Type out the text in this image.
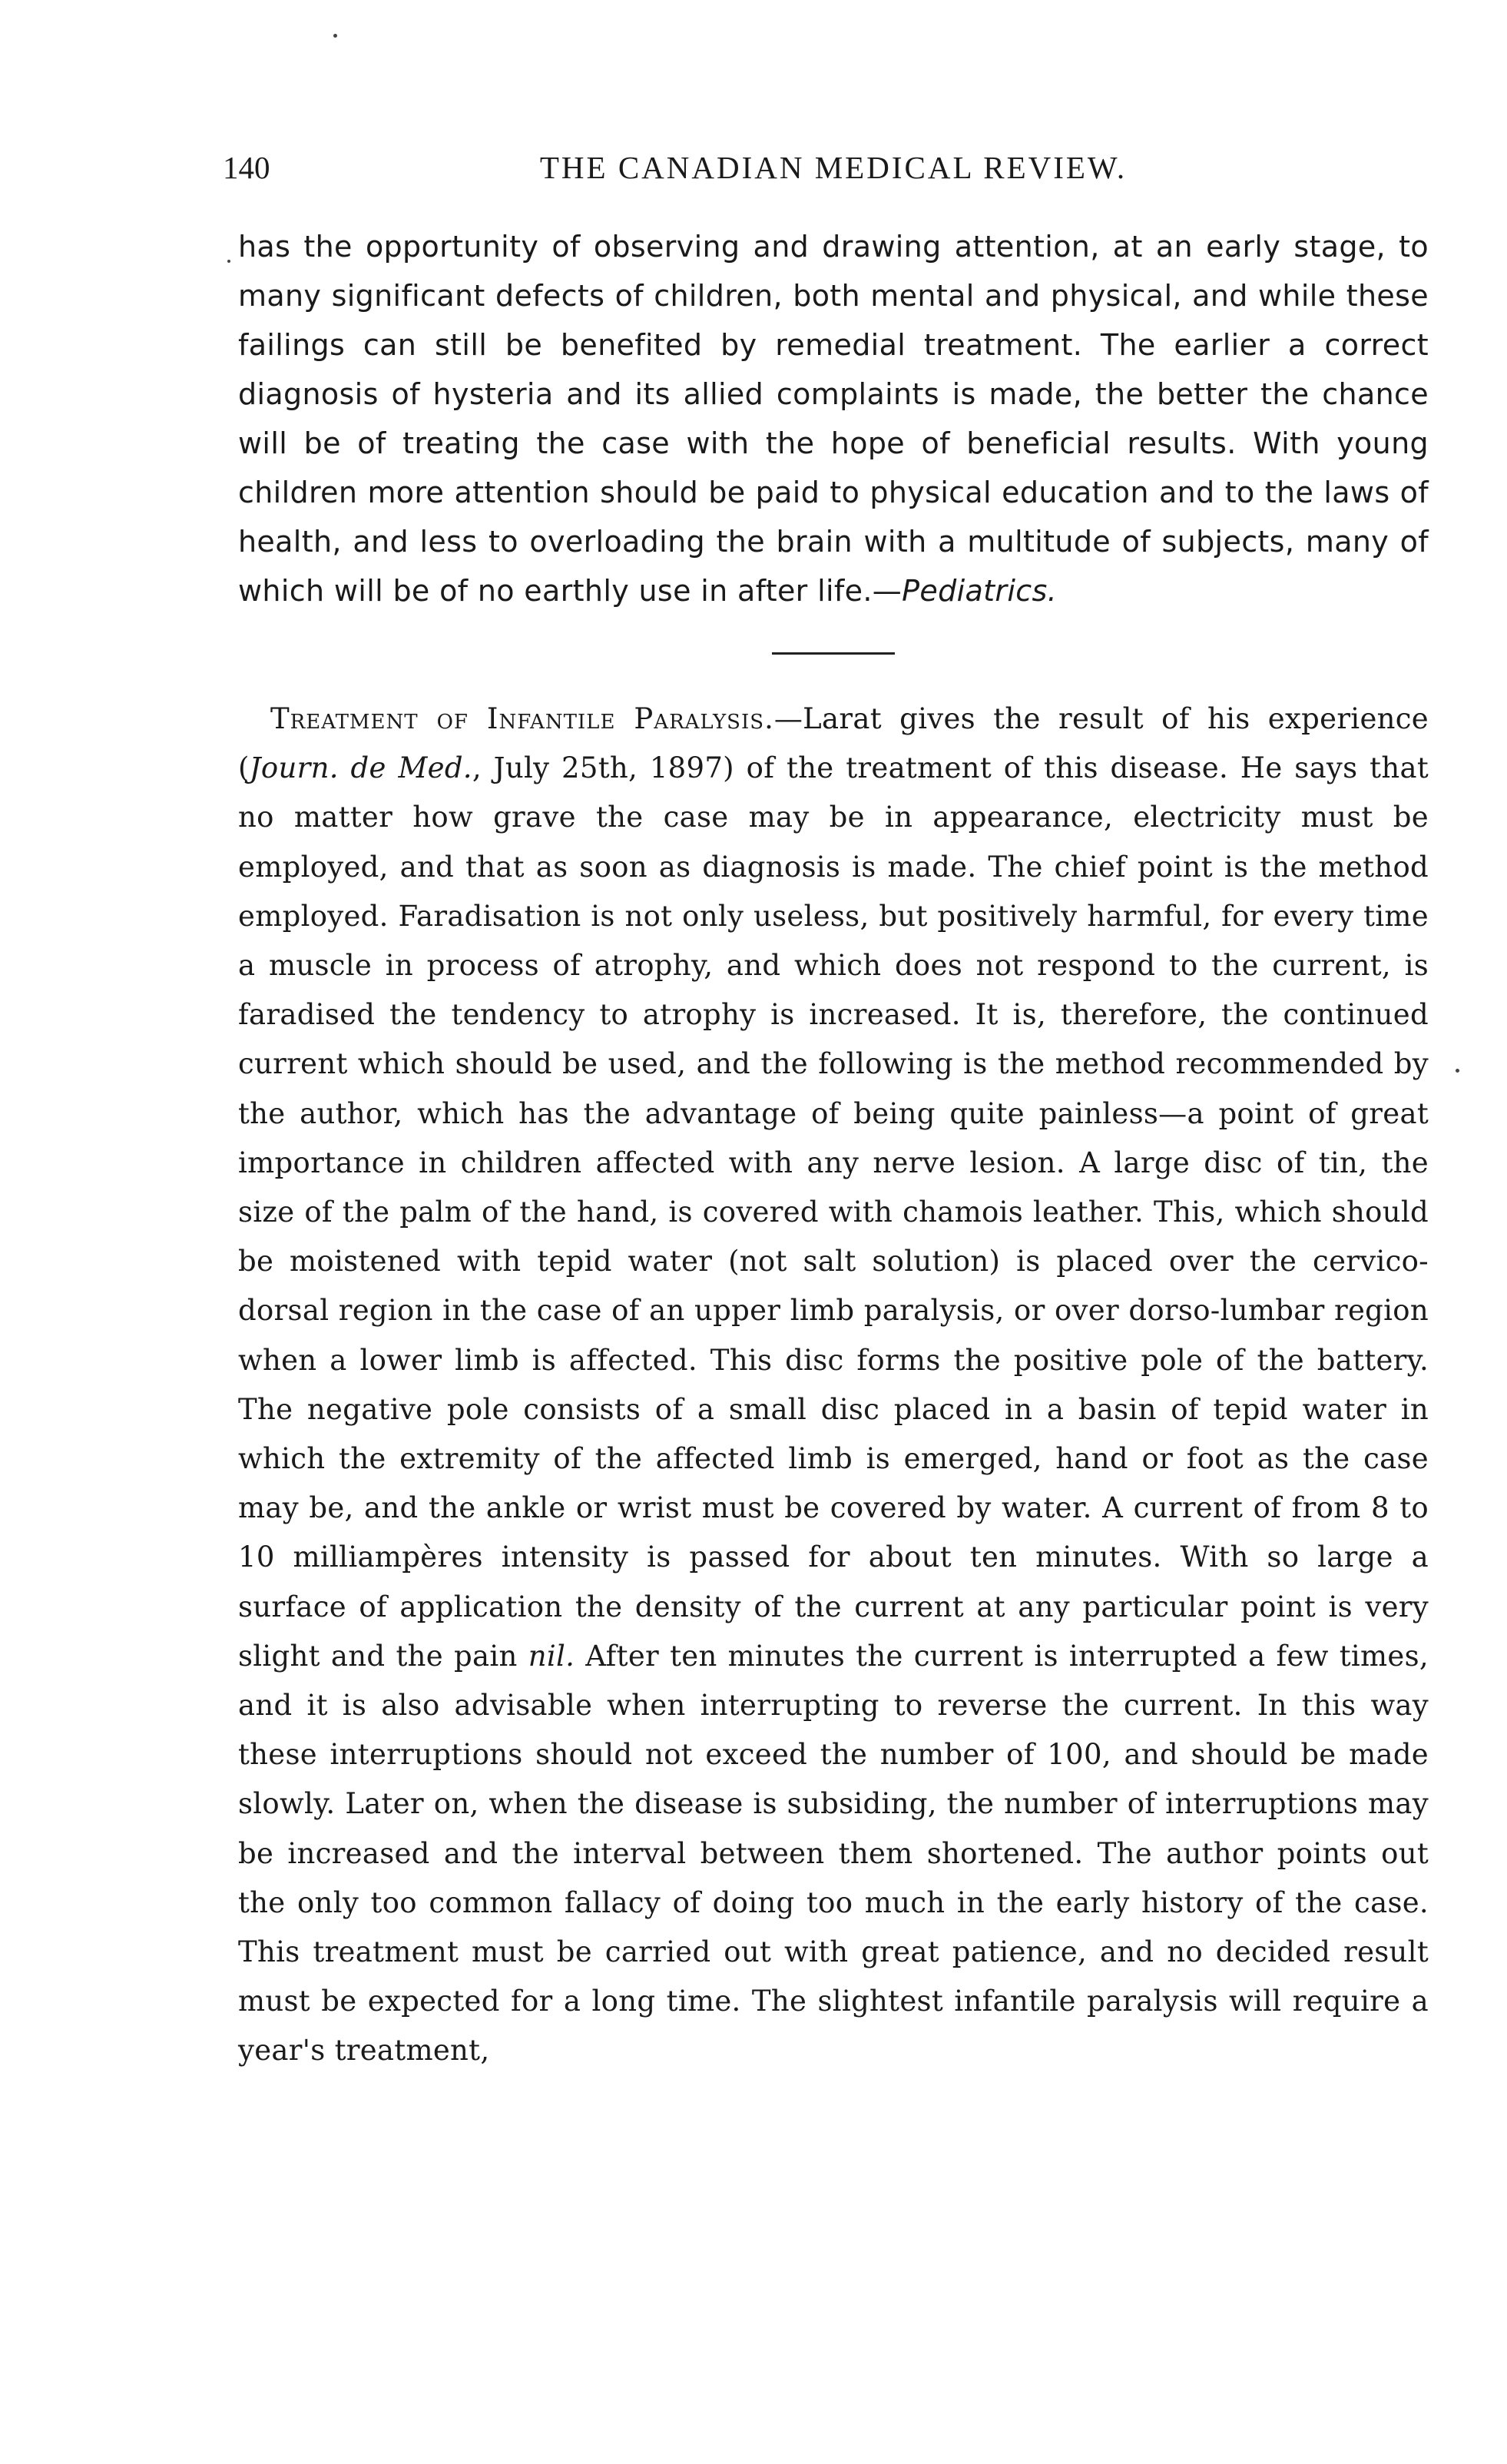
140	THE CANADIAN MEDICAL REVIEW.

has the opportunity of observing and drawing attention, at an early stage, to many significant defects of children, both mental and physical, and while these failings can still be benefited by remedial treatment. The earlier a correct diagnosis of hysteria and its allied complaints is made, the better the chance will be of treating the case with the hope of beneficial results. With young children more attention should be paid to physical education and to the laws of health, and less to overloading the brain with a multitude of subjects, many of which will be of no earthly use in after life.—Pediatrics.

Treatment of Infantile Paralysis.—Larat gives the result of his experience (Journ. de Med., July 25th, 1897) of the treatment of this disease. He says that no matter how grave the case may be in appearance, electricity must be employed, and that as soon as diagnosis is made. The chief point is the method employed. Faradisation is not only useless, but positively harmful, for every time a muscle in process of atrophy, and which does not respond to the current, is faradised the tendency to atrophy is increased. It is, therefore, the continued current which should be used, and the following is the method recommended by the author, which has the advantage of being quite painless—a point of great importance in children affected with any nerve lesion. A large disc of tin, the size of the palm of the hand, is covered with chamois leather. This, which should be moistened with tepid water (not salt solution) is placed over the cervico-dorsal region in the case of an upper limb paralysis, or over dorso-lumbar region when a lower limb is affected. This disc forms the positive pole of the battery. The negative pole consists of a small disc placed in a basin of tepid water in which the extremity of the affected limb is emerged, hand or foot as the case may be, and the ankle or wrist must be covered by water. A current of from 8 to 10 milliampères intensity is passed for about ten minutes. With so large a surface of application the density of the current at any particular point is very slight and the pain nil. After ten minutes the current is interrupted a few times, and it is also advisable when interrupting to reverse the current. In this way these interruptions should not exceed the number of 100, and should be made slowly. Later on, when the disease is subsiding, the number of interruptions may be increased and the interval between them shortened. The author points out the only too common fallacy of doing too much in the early history of the case. This treatment must be carried out with great patience, and no decided result must be expected for a long time. The slightest infantile paralysis will require a year's treatment,
